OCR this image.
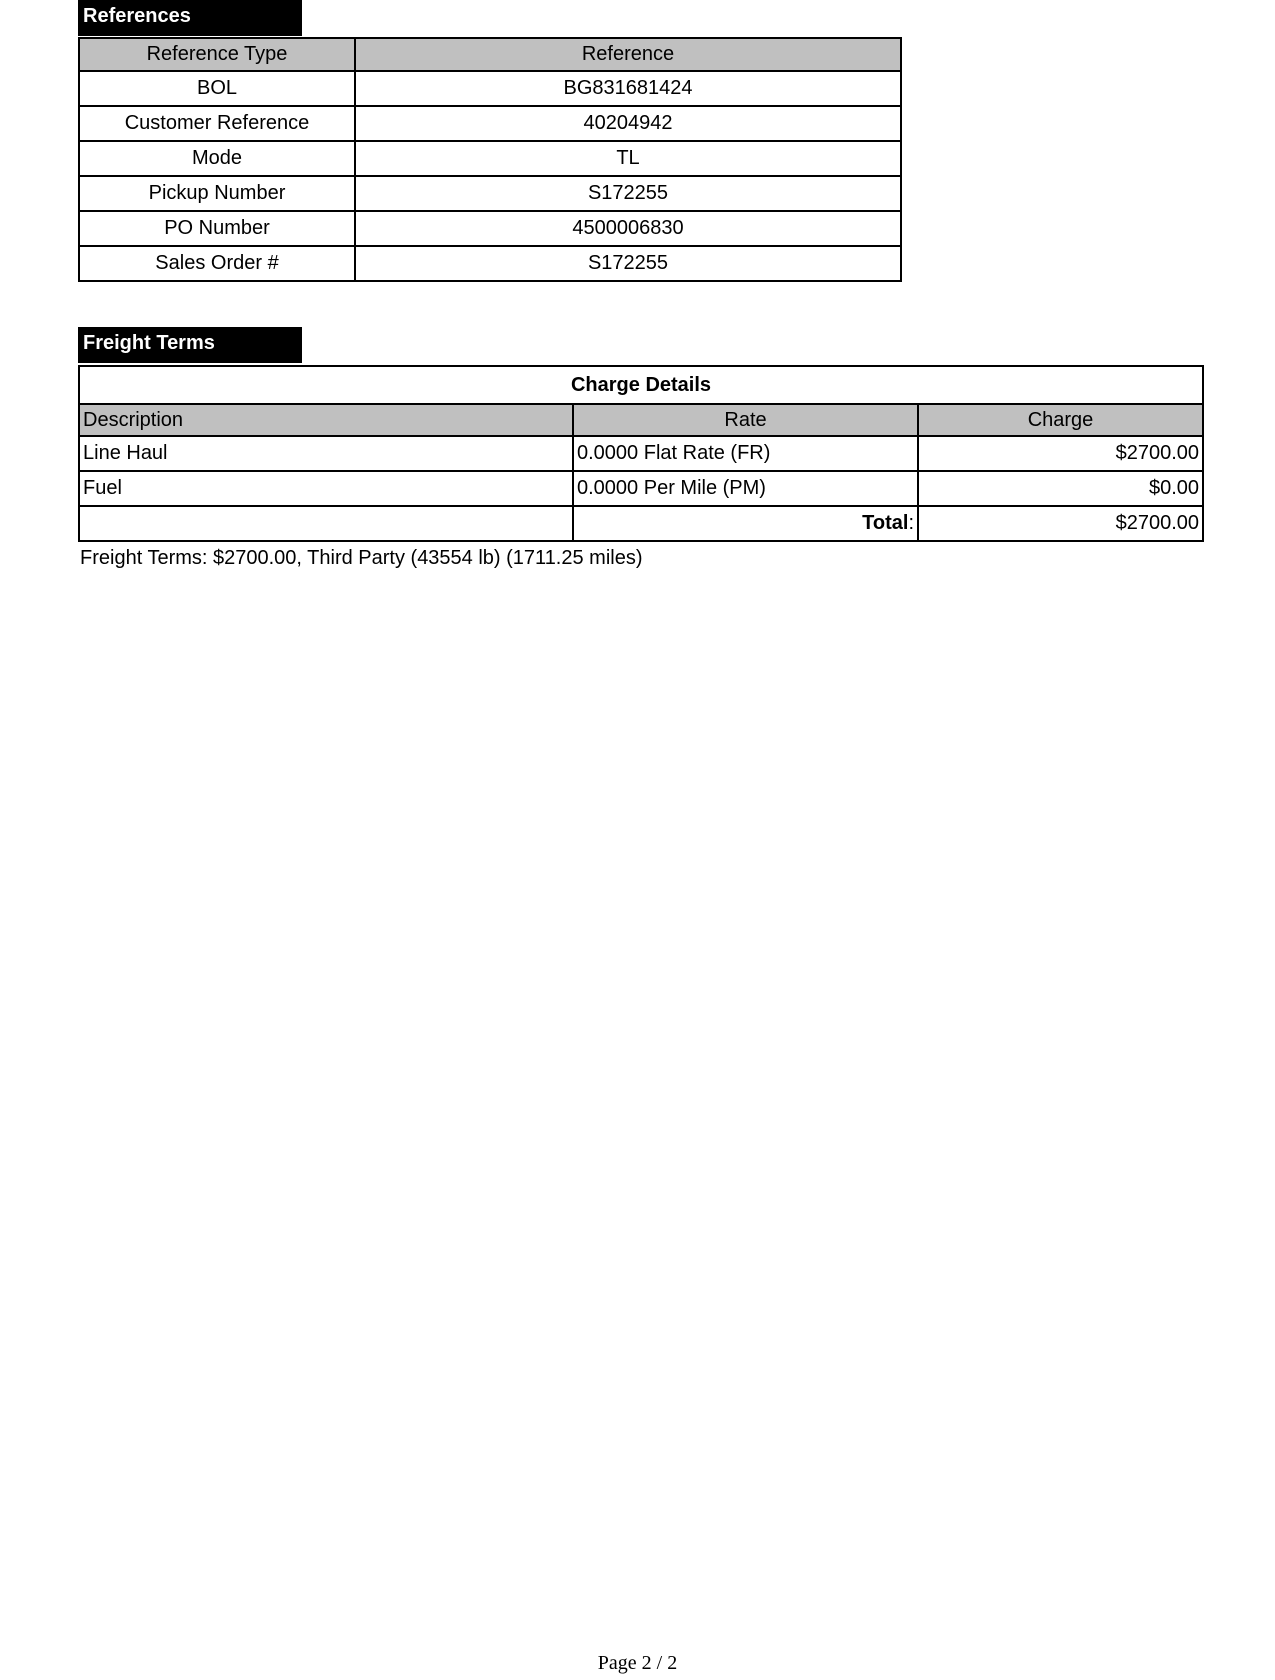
References
Reference Type	Reference
BOL	BG831681424
Customer Reference	40204942
Mode	TL
Pickup Number	S172255
PO Number	4500006830
Sales Order #	S172255
Freight Terms
Charge Details		
Description	Rate	Charge
Line Haul	0.0000 Flat Rate (FR)	$2700.00
Fuel	0.0000 Per Mile (PM)	$0.00
	Total:	$2700.00
Freight Terms: $2700.00, Third Party (43554 lb) (1711.25 miles)
Page 2 / 2
